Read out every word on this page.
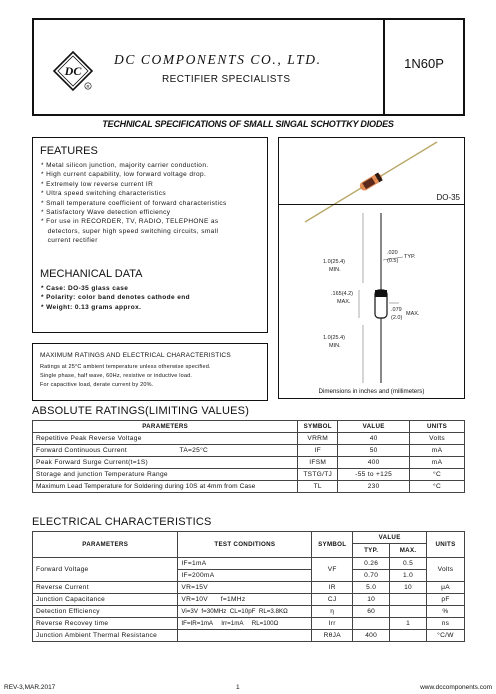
DC
R
DC COMPONENTS CO., LTD.
RECTIFIER SPECIALISTS
1N60P
TECHNICAL SPECIFICATIONS OF SMALL SINGAL SCHOTTKY DIODES
FEATURES
* Metal silicon junction, majority carrier conduction.
* High current capability, low forward voltage drop.
* Extremely low reverse current IR
* Ultra speed switching characteristics
* Small temperature coefficient of forward characteristics
* Satisfactory Wave detection efficiency
* For use in RECORDER, TV, RADIO, TELEPHONE as
detectors, super high speed switching circuits, small
current rectifier
MECHANICAL DATA
* Case: DO-35 glass case
* Polarity: color band denotes cathode end
* Weight: 0.13 grams approx.
MAXIMUM RATINGS AND ELECTRICAL CHARACTERISTICS
Ratings at 25°C ambient temperature unless otherwise specified.
Single phase, half wave, 60Hz, resistive or inductive load.
For capacitive load, derate current by 20%.
DO-35
1.0(25.4)
MIN.
.020
(0.5)
TYP.
.165(4.2)
MAX.
.079
(2.0)
MAX.
1.0(25.4)
MIN.
Dimensions in inches and (millimeters)
ABSOLUTE RATINGS(LIMITING VALUES)
PARAMETERS	SYMBOL	VALUE	UNITS
Repetitive Peak Reverse Voltage	VRRM	40	Volts
Forward Continuous Current TA=25°C	IF	50	mA
Peak Forward Surge Current(t=1S)	IFSM	400	mA
Storage and junction Temperature Range	TSTG/TJ	-55 to +125	°C
Maximum Lead Temperature for Soldering during 10S at 4mm from Case	TL	230	°C
ELECTRICAL CHARACTERISTICS
PARAMETERS	TEST CONDITIONS	SYMBOL	VALUE		UNITS
			TYP.	MAX.	
Forward Voltage	IF=1mA	VF	0.26	0.5	Volts
	IF=200mA		0.70	1.0	
Reverse Current	VR=15V	IR	5.0	10	μA
Junction Capacitance	VR=10V      f=1MHz	CJ	10		pF
Detection Efficiency	Vi=3V  f=30MHz  CL=10pF  RL=3.8KΩ	η	60		%
Reverse Recovey time	IF=IR=1mA     Irr=1mA     RL=100Ω	Irr		1	ns
Junction Ambient Thermal Resistance		RθJA	400		°C/W
REV-3,MAR.2017	1	www.dccomponents.com
